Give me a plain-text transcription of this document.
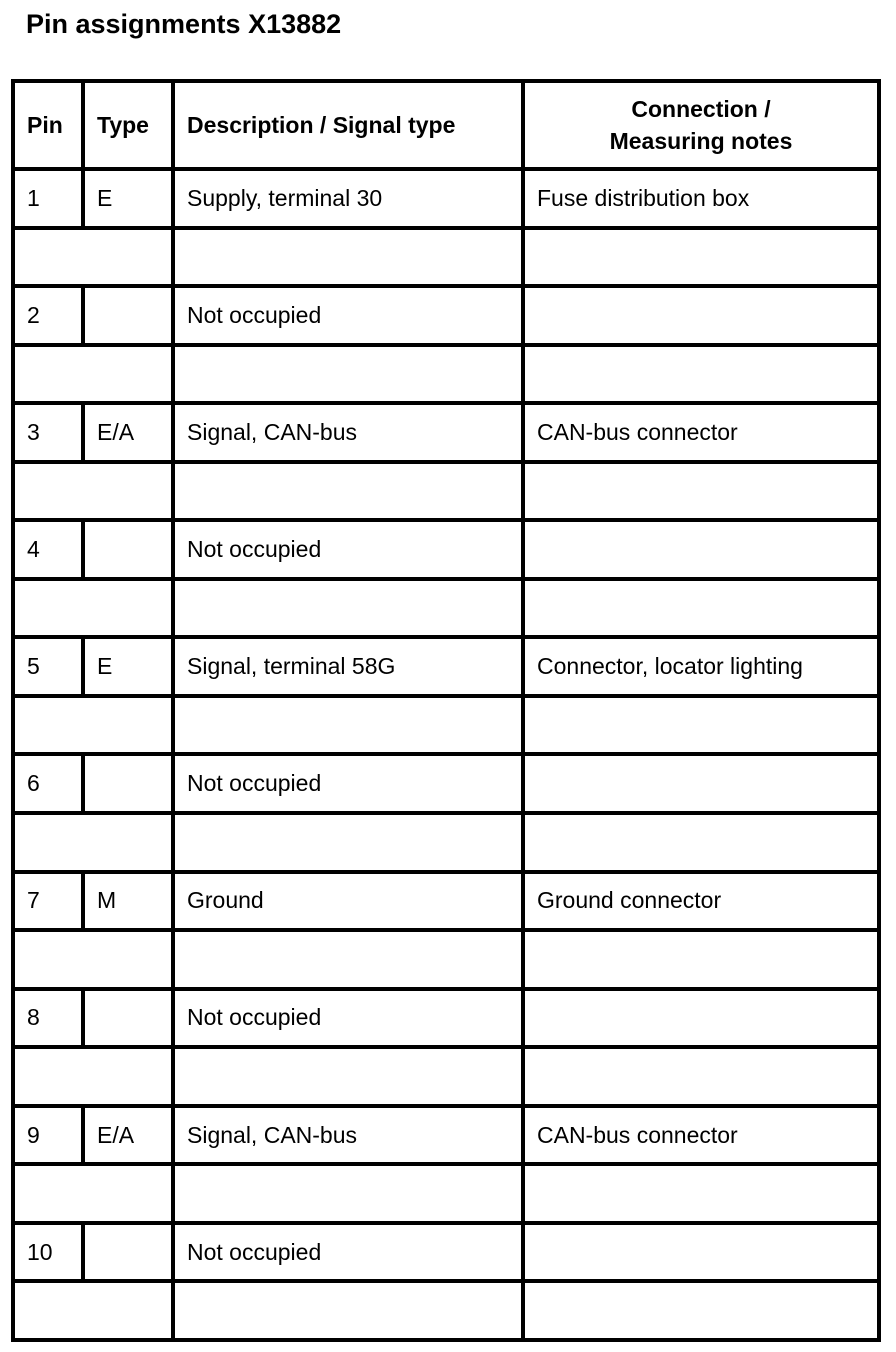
Pin assignments X13882
Pin	Type	Description / Signal type	Connection /
Measuring notes
1	E	Supply, terminal 30	Fuse distribution box

2		Not occupied	

3	E/A	Signal, CAN-bus	CAN-bus connector

4		Not occupied	

5	E	Signal, terminal 58G	Connector, locator lighting

6		Not occupied	

7	M	Ground	Ground connector

8		Not occupied	

9	E/A	Signal, CAN-bus	CAN-bus connector

10		Not occupied	
